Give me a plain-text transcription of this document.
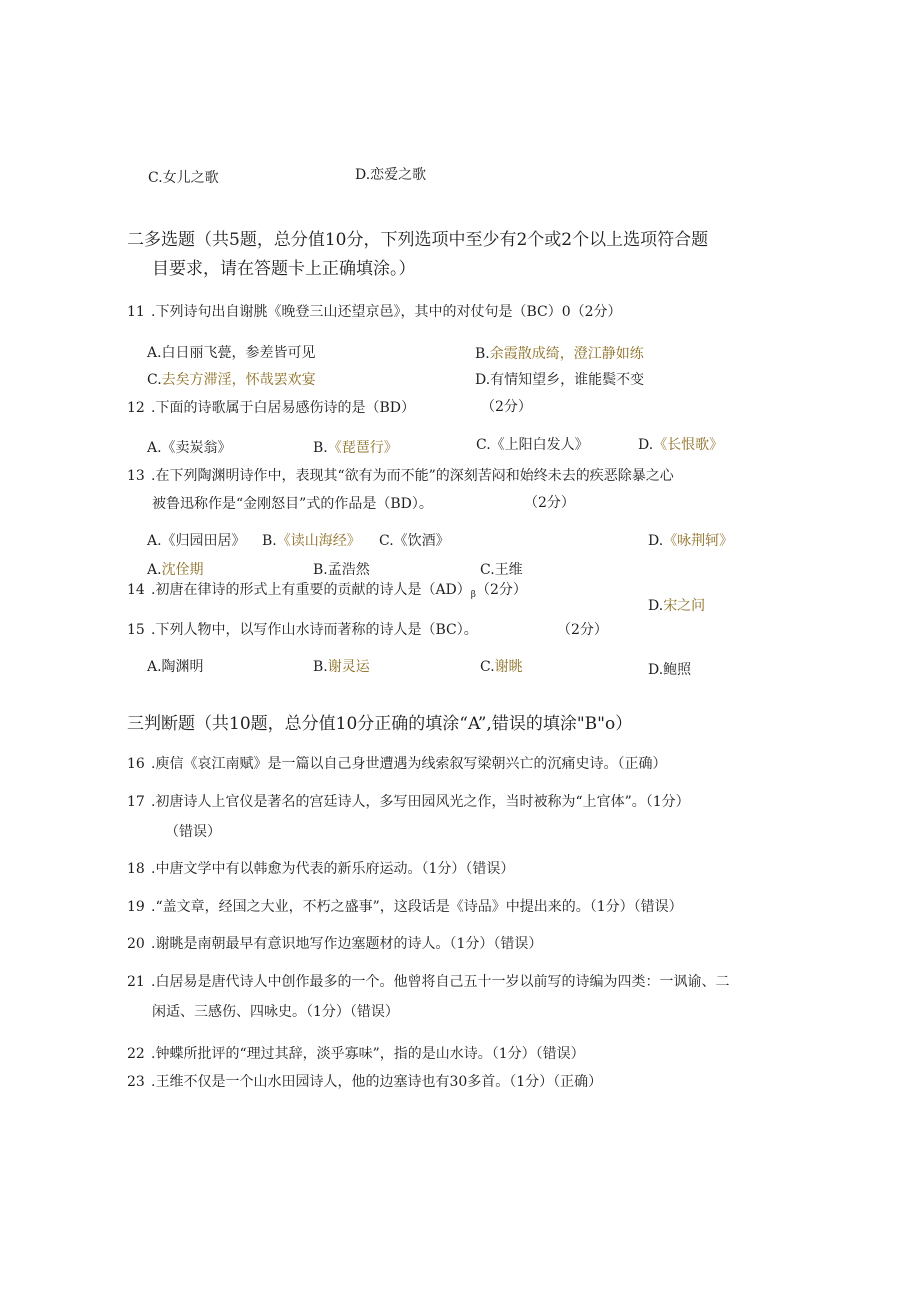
C.女儿之歌	D.恋爱之歌
二多选题（共5题，总分值10分，下列选项中至少有2个或2个以上选项符合题
目要求，请在答题卡上正确填涂。）
11 .下列诗句出自谢朓《晚登三山还望京邑》，其中的对仗句是（BC）0（2分）
A.白日丽飞甍，参差皆可见	B.余霞散成绮，澄江静如练
C.去矣方滞淫，怀哉罢欢宴	D.有情知望乡，谁能鬓不变
12 .下面的诗歌属于白居易感伤诗的是（BD）	（2分）
A.《卖炭翁》	B.《琵琶行》	C.《上阳白发人》	D.《长恨歌》
13 .在下列陶渊明诗作中，表现其“欲有为而不能”的深刻苦闷和始终未去的疾恶除暴之心
被鲁迅称作是“金刚怒目”式的作品是（BD）。	（2分）
A.《归园田居》 B.《读山海经》 C.《饮酒》	D.《咏荆轲》
A.沈佺期	B.孟浩然	C.王维
14 .初唐在律诗的形式上有重要的贡献的诗人是$(AD)_\beta(2$分）
D.宋之问
15 .下列人物中，以写作山水诗而著称的诗人是（BC）。	（2分）
A.陶渊明	B.谢灵运	C.谢眺	D.鲍照
三判断题（共10题，总分值10分正确的填涂“A”,错误的填涂"B"o）
16 .庾信《哀江南赋》是一篇以自己身世遭遇为线索叙写梁朝兴亡的沉痛史诗。（正确）
17 .初唐诗人上官仪是著名的宫廷诗人，多写田园风光之作，当时被称为“上官体”。（1分）
（错误）
18 .中唐文学中有以韩愈为代表的新乐府运动。（1分）（错误）
19 .“盖文章，经国之大业，不朽之盛事”，这段话是《诗品》中提出来的。（1分）（错误）
20 .谢眺是南朝最早有意识地写作边塞题材的诗人。（1分）（错误）
21 .白居易是唐代诗人中创作最多的一个。他曾将自己五十一岁以前写的诗编为四类：一讽谕、二
闲适、三感伤、四咏史。（1分）（错误）
22 .钟蝶所批评的“理过其辞，淡乎寡味”，指的是山水诗。（1分）（错误）
23 .王维不仅是一个山水田园诗人，他的边塞诗也有30多首。（1分）（正确）
